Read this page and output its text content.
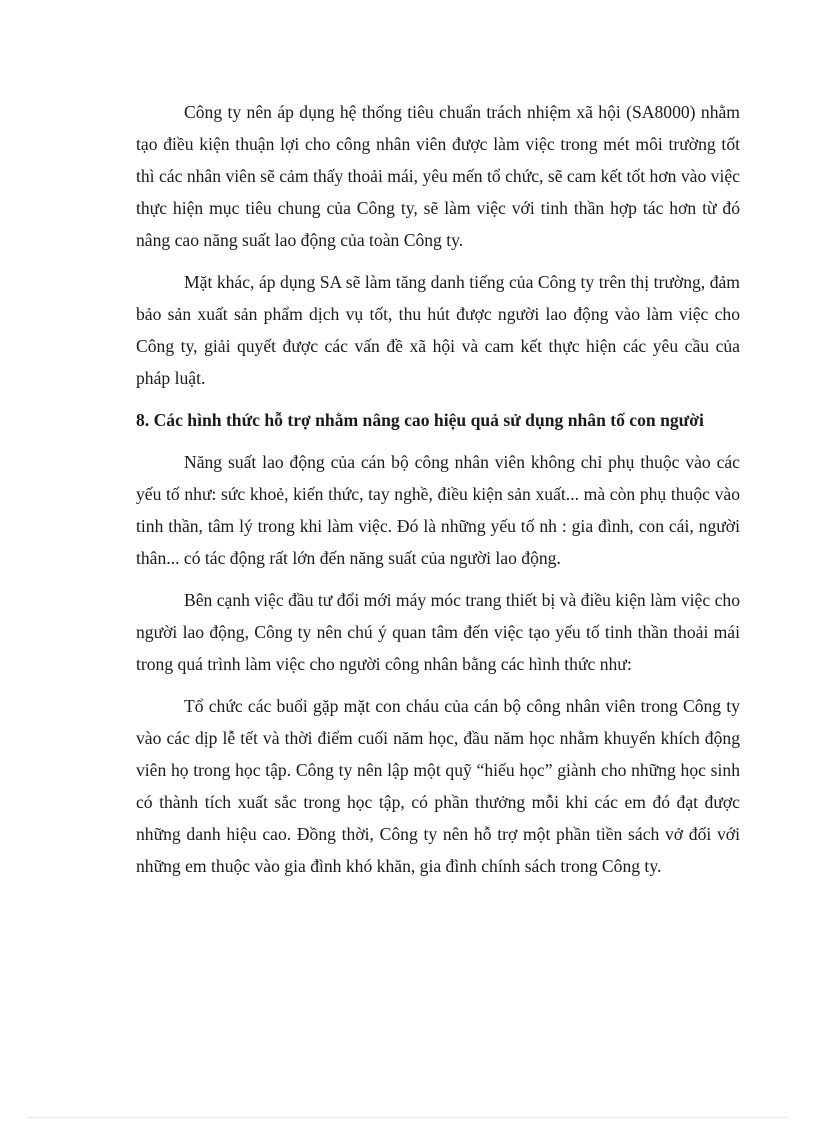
Công ty nên áp dụng hệ thống tiêu chuẩn trách nhiệm xã hội (SA8000) nhằm tạo điều kiện thuận lợi cho công nhân viên được làm việc trong mét môi trường tốt thì các nhân viên sẽ cảm thấy thoải mái, yêu mến tổ chức, sẽ cam kết tốt hơn vào việc thực hiện mục tiêu chung của Công ty, sẽ làm việc với tinh thần hợp tác hơn từ đó nâng cao năng suất lao động của toàn Công ty.

Mặt khác, áp dụng SA sẽ làm tăng danh tiếng của Công ty trên thị trường, đảm bảo sản xuất sản phẩm dịch vụ tốt, thu hút được người lao động vào làm việc cho Công ty, giải quyết được các vấn đề xã hội và cam kết thực hiện các yêu cầu của pháp luật.

8. Các hình thức hỗ trợ nhằm nâng cao hiệu quả sử dụng nhân tố con người

Năng suất lao động của cán bộ công nhân viên không chỉ phụ thuộc vào các yếu tố như: sức khoẻ, kiến thức, tay nghề, điều kiện sản xuất... mà còn phụ thuộc vào tinh thần, tâm lý trong khi làm việc. Đó là những yếu tố nh : gia đình, con cái, người thân... có tác động rất lớn đến năng suất của người lao động.

Bên cạnh việc đầu tư đổi mới máy móc trang thiết bị và điều kiện làm việc cho người lao động, Công ty nên chú ý quan tâm đến việc tạo yếu tố tinh thần thoải mái trong quá trình làm việc cho người công nhân bằng các hình thức như:

Tổ chức các buổi gặp mặt con cháu của cán bộ công nhân viên trong Công ty vào các dịp lễ tết và thời điểm cuối năm học, đầu năm học nhằm khuyến khích động viên họ trong học tập. Công ty nên lập một quỹ “hiếu học” giành cho những học sinh có thành tích xuất sắc trong học tập, có phần thưởng mỗi khi các em đó đạt được những danh hiệu cao. Đồng thời, Công ty nên hỗ trợ một phần tiền sách vở đối với những em thuộc vào gia đình khó khăn, gia đình chính sách trong Công ty.
